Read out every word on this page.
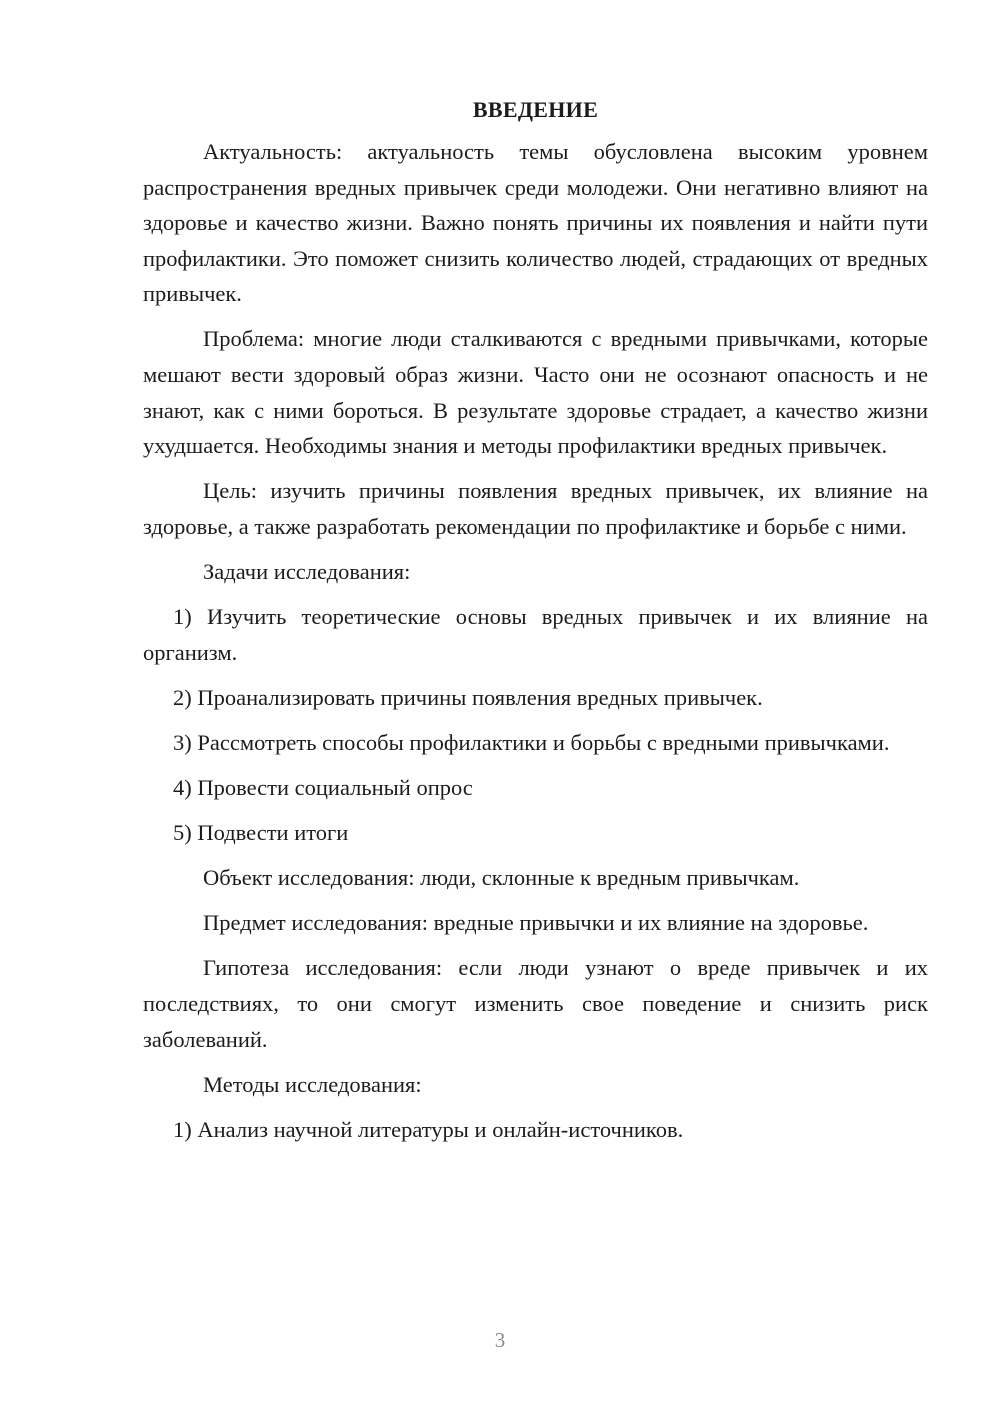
ВВЕДЕНИЕ

Актуальность: актуальность темы обусловлена высоким уровнем распространения вредных привычек среди молодежи. Они негативно влияют на здоровье и качество жизни. Важно понять причины их появления и найти пути профилактики. Это поможет снизить количество людей, страдающих от вредных привычек.

Проблема: многие люди сталкиваются с вредными привычками, которые мешают вести здоровый образ жизни. Часто они не осознают опасность и не знают, как с ними бороться. В результате здоровье страдает, а качество жизни ухудшается. Необходимы знания и методы профилактики вредных привычек.

Цель: изучить причины появления вредных привычек, их влияние на здоровье, а также разработать рекомендации по профилактике и борьбе с ними.

Задачи исследования:

1) Изучить теоретические основы вредных привычек и их влияние на организм.

2) Проанализировать причины появления вредных привычек.

3) Рассмотреть способы профилактики и борьбы с вредными привычками.

4) Провести социальный опрос

5) Подвести итоги

Объект исследования: люди, склонные к вредным привычкам.

Предмет исследования: вредные привычки и их влияние на здоровье.

Гипотеза исследования: если люди узнают о вреде привычек и их последствиях, то они смогут изменить свое поведение и снизить риск заболеваний.

Методы исследования:

1) Анализ научной литературы и онлайн-источников.

3
